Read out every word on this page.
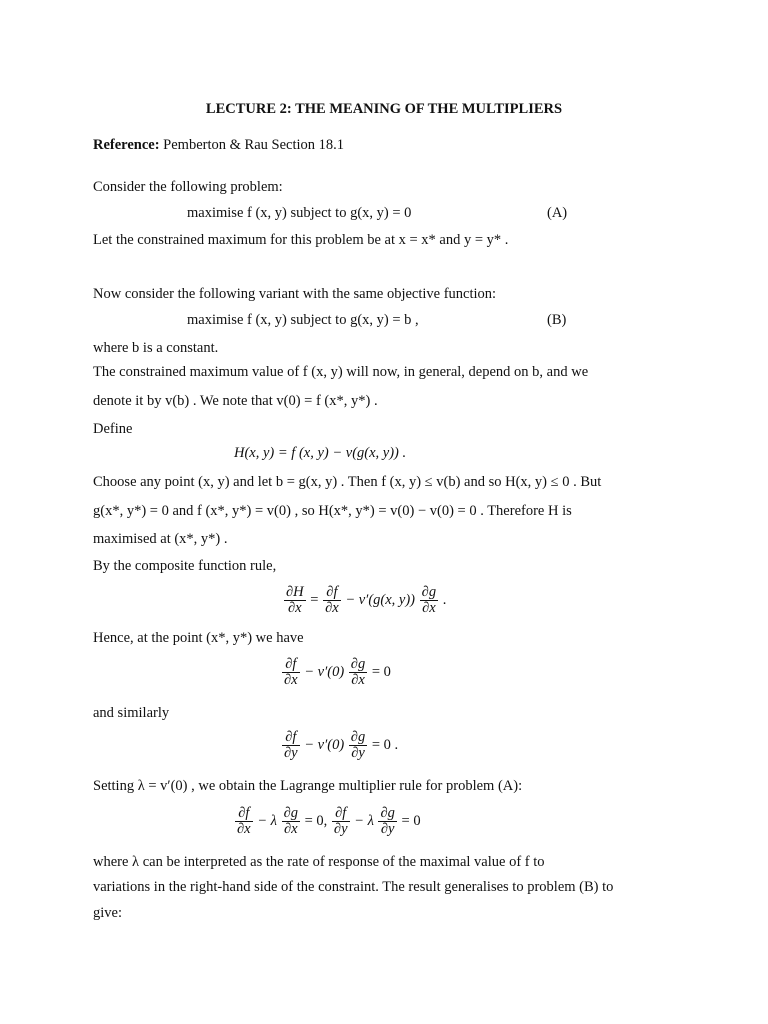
LECTURE 2: THE MEANING OF THE MULTIPLIERS
Reference: Pemberton & Rau Section 18.1
Consider the following problem:
maximise f (x, y) subject to g(x, y) = 0	(A)
Let the constrained maximum for this problem be at x = x* and y = y* .
Now consider the following variant with the same objective function:
maximise f (x, y) subject to g(x, y) = b ,	(B)
where b is a constant.
The constrained maximum value of f (x, y) will now, in general, depend on b, and we
denote it by v(b) . We note that v(0) = f (x*, y*) .
Define
H(x, y) = f (x, y) − v(g(x, y)) .
Choose any point (x, y) and let b = g(x, y) . Then f (x, y) ≤ v(b) and so H(x, y) ≤ 0 . But
g(x*, y*) = 0 and f (x*, y*) = v(0) , so H(x*, y*) = v(0) − v(0) = 0 . Therefore H is
maximised at (x*, y*) .
By the composite function rule,
$\frac{\partial H}{\partial x} = \frac{\partial f}{\partial x} - v'(g(x$, $y)) \frac{\partial g}{\partial x}$ .
Hence, at the point (x*, y*) we have
$\frac{\partial f}{\partial x} - v'(0) \frac{\partial g}{\partial x} = 0$
and similarly
$\frac{\partial f}{\partial y} - v'(0) \frac{\partial g}{\partial y} = 0$ .
Setting λ = v′(0) , we obtain the Lagrange multiplier rule for problem (A):
$\frac{\partial f}{\partial x} - \lambda \frac{\partial g}{\partial x} = 0$, $\frac{\partial f}{\partial y} - \lambda \frac{\partial g}{\partial y} = 0$
where λ can be interpreted as the rate of response of the maximal value of f to
variations in the right-hand side of the constraint. The result generalises to problem (B) to
give:
